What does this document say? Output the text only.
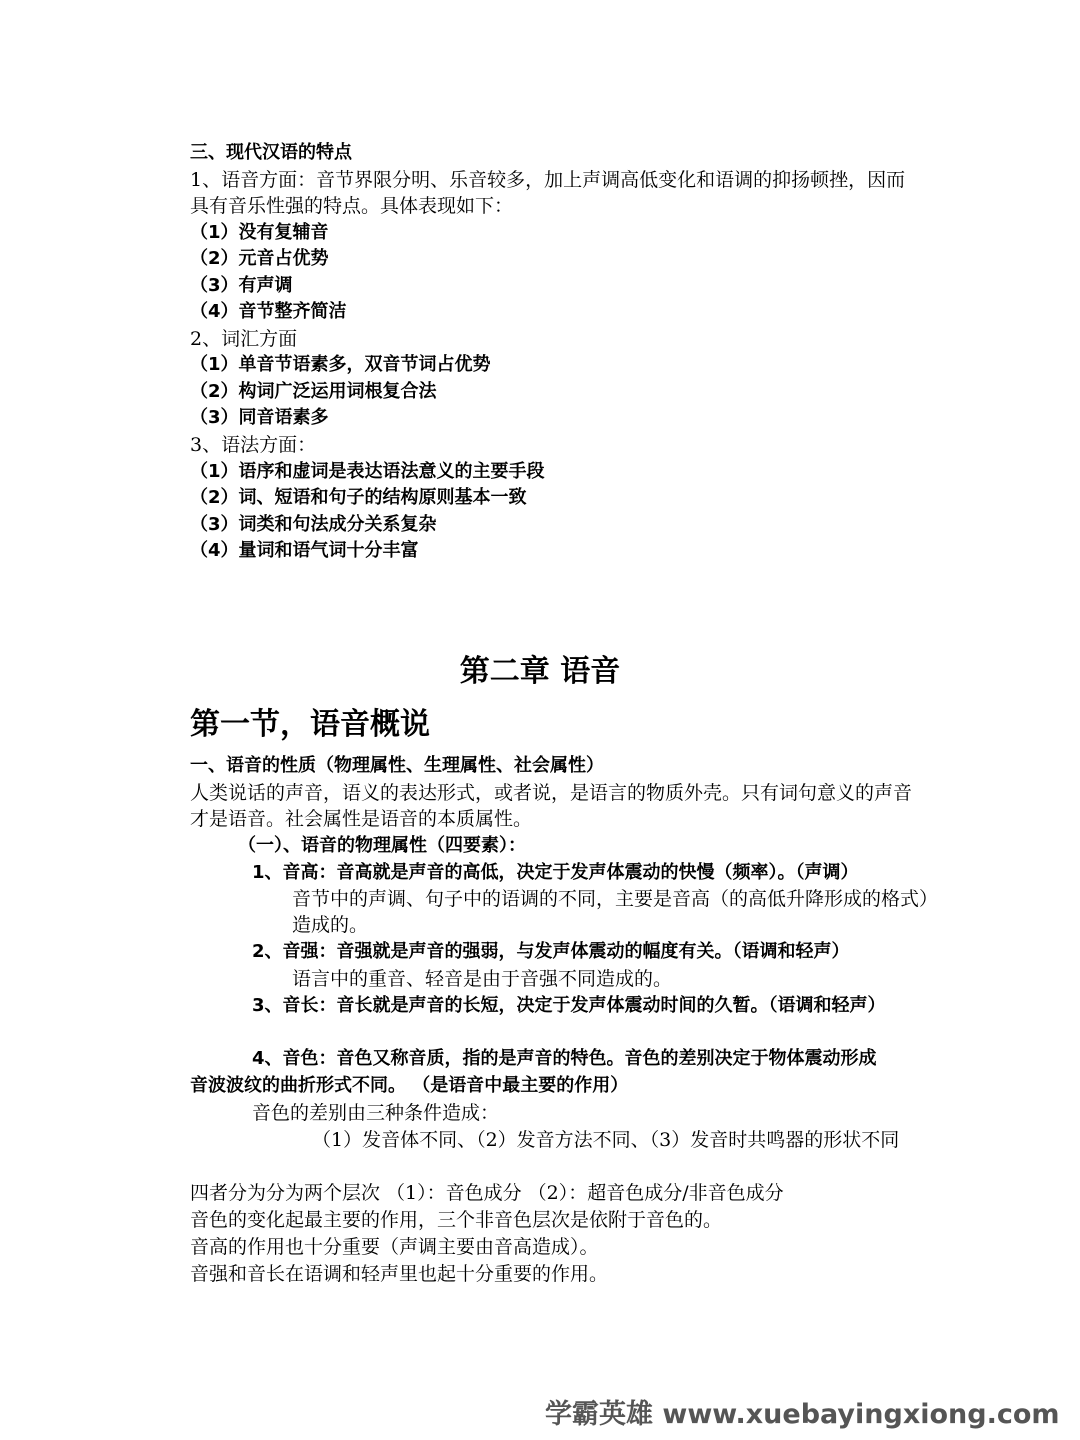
三、现代汉语的特点
1、语音方面：音节界限分明、乐音较多，加上声调高低变化和语调的抑扬顿挫，因而
具有音乐性强的特点。具体表现如下：
（1）没有复辅音
（2）元音占优势
（3）有声调
（4）音节整齐简洁
2、词汇方面
（1）单音节语素多，双音节词占优势
（2）构词广泛运用词根复合法
（3）同音语素多
3、语法方面：
（1）语序和虚词是表达语法意义的主要手段
（2）词、短语和句子的结构原则基本一致
（3）词类和句法成分关系复杂
（4）量词和语气词十分丰富
第二章 语音
第一节，语音概说
一、语音的性质（物理属性、生理属性、社会属性）
人类说话的声音，语义的表达形式，或者说，是语言的物质外壳。只有词句意义的声音
才是语音。社会属性是语音的本质属性。
（一）、语音的物理属性（四要素）：
1、音高：音高就是声音的高低，决定于发声体震动的快慢（频率）。（声调）
音节中的声调、句子中的语调的不同，主要是音高（的高低升降形成的格式）
造成的。
2、音强：音强就是声音的强弱，与发声体震动的幅度有关。（语调和轻声）
语言中的重音、轻音是由于音强不同造成的。
3、音长：音长就是声音的长短，决定于发声体震动时间的久暂。（语调和轻声）
4、音色：音色又称音质，指的是声音的特色。音色的差别决定于物体震动形成
音波波纹的曲折形式不同。 （是语音中最主要的作用）
音色的差别由三种条件造成：
（1）发音体不同、（2）发音方法不同、（3）发音时共鸣器的形状不同
四者分为分为两个层次 （1）：音色成分 （2）：超音色成分/非音色成分
音色的变化起最主要的作用，三个非音色层次是依附于音色的。
音高的作用也十分重要（声调主要由音高造成）。
音强和音长在语调和轻声里也起十分重要的作用。
学霸英雄 www.xuebayingxiong.com
